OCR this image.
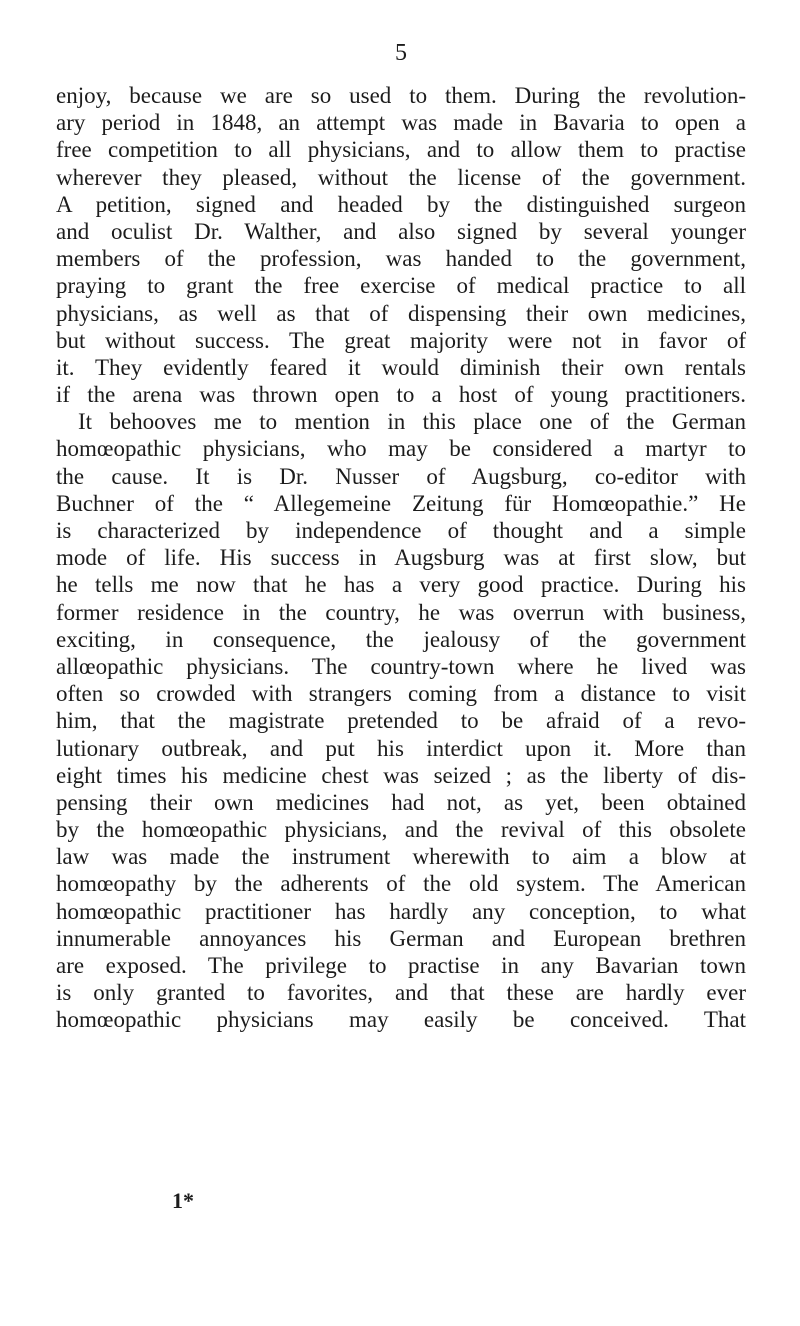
5
enjoy, because we are so used to them. During the revolution-
ary period in 1848, an attempt was made in Bavaria to open a
free competition to all physicians, and to allow them to practise
wherever they pleased, without the license of the government.
A petition, signed and headed by the distinguished surgeon
and oculist Dr. Walther, and also signed by several younger
members of the profession, was handed to the government,
praying to grant the free exercise of medical practice to all
physicians, as well as that of dispensing their own medicines,
but without success. The great majority were not in favor of
it. They evidently feared it would diminish their own rentals
if the arena was thrown open to a host of young practitioners.
It behooves me to mention in this place one of the German
homœopathic physicians, who may be considered a martyr to
the cause. It is Dr. Nusser of Augsburg, co-editor with
Buchner of the “ Allegemeine Zeitung für Homœopathie.” He
is characterized by independence of thought and a simple
mode of life. His success in Augsburg was at first slow, but
he tells me now that he has a very good practice. During his
former residence in the country, he was overrun with business,
exciting, in consequence, the jealousy of the government
allœopathic physicians. The country-town where he lived was
often so crowded with strangers coming from a distance to visit
him, that the magistrate pretended to be afraid of a revo-
lutionary outbreak, and put his interdict upon it. More than
eight times his medicine chest was seized ; as the liberty of dis-
pensing their own medicines had not, as yet, been obtained
by the homœopathic physicians, and the revival of this obsolete
law was made the instrument wherewith to aim a blow at
homœopathy by the adherents of the old system. The American
homœopathic practitioner has hardly any conception, to what
innumerable annoyances his German and European brethren
are exposed. The privilege to practise in any Bavarian town
is only granted to favorites, and that these are hardly ever
homœopathic physicians may easily be conceived. That
1*
